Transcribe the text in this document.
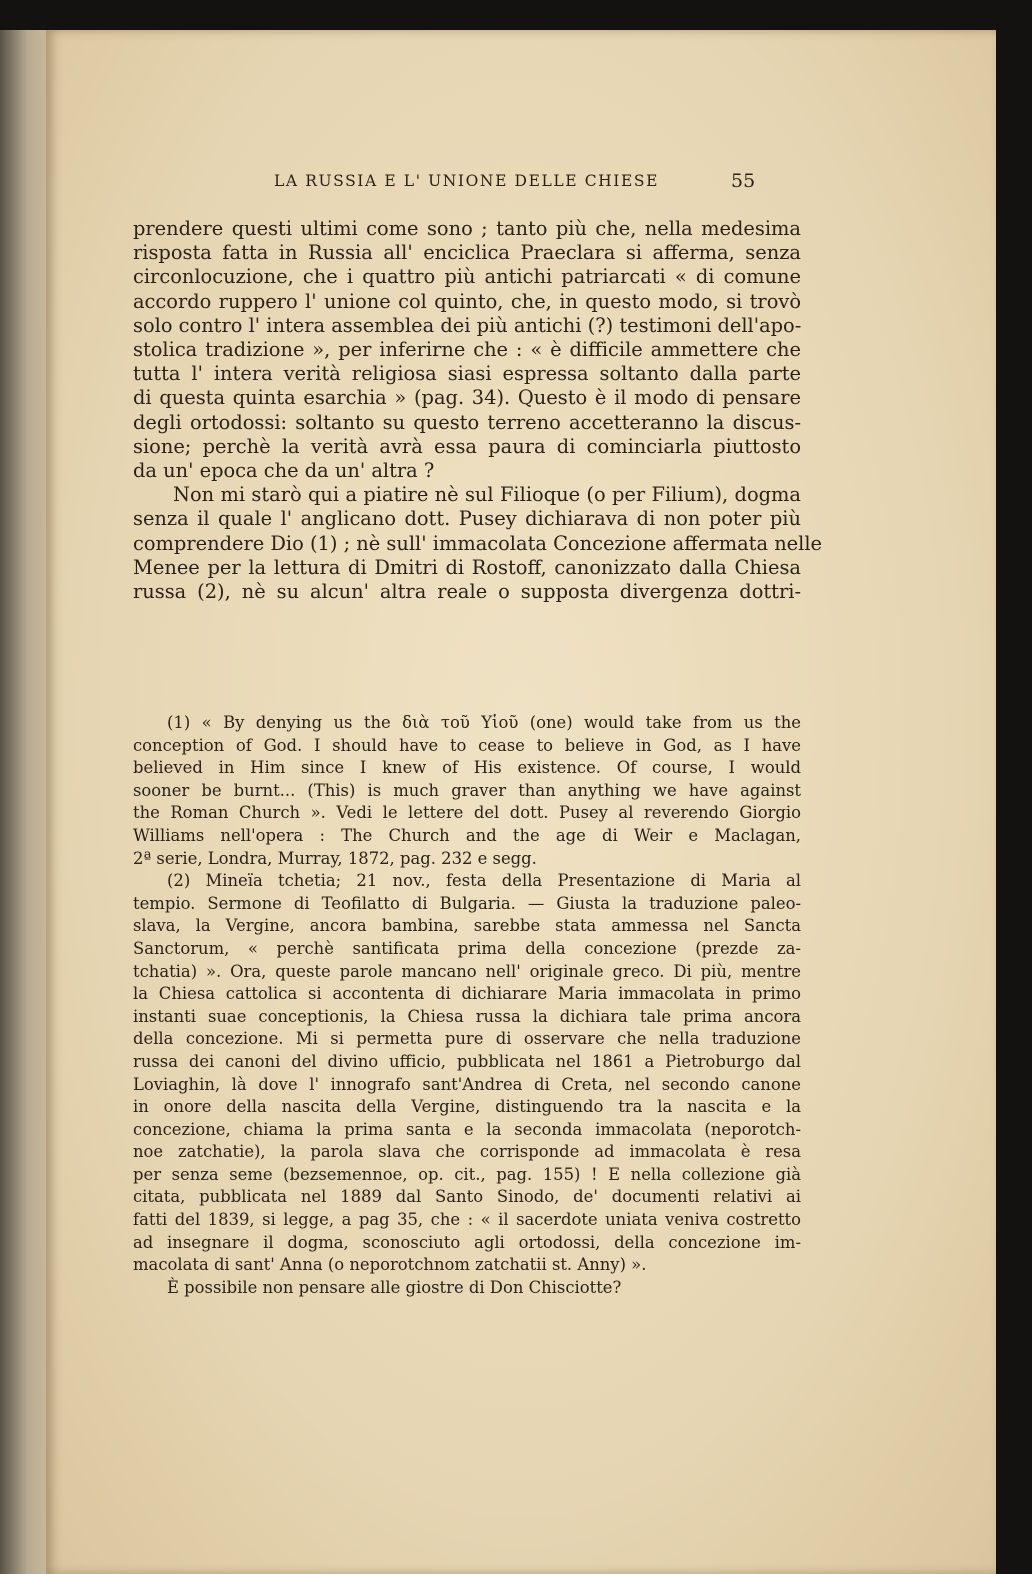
LA RUSSIA E L' UNIONE DELLE CHIESE	55
prendere questi ultimi come sono ; tanto più che, nella medesima
risposta fatta in Russia all' enciclica Praeclara si afferma, senza
circonlocuzione, che i quattro più antichi patriarcati « di comune
accordo ruppero l' unione col quinto, che, in questo modo, si trovò
solo contro l' intera assemblea dei più antichi (?) testimoni dell'apo-
stolica tradizione », per inferirne che : « è difficile ammettere che
tutta l' intera verità religiosa siasi espressa soltanto dalla parte
di questa quinta esarchia » (pag. 34). Questo è il modo di pensare
degli ortodossi: soltanto su questo terreno accetteranno la discus-
sione; perchè la verità avrà essa paura di cominciarla piuttosto
da un' epoca che da un' altra ?
Non mi starò qui a piatire nè sul Filioque (o per Filium), dogma
senza il quale l' anglicano dott. Pusey dichiarava di non poter più
comprendere Dio (1) ; nè sull' immacolata Concezione affermata nelle
Menee per la lettura di Dmitri di Rostoff, canonizzato dalla Chiesa
russa (2), nè su alcun' altra reale o supposta divergenza dottri-
(1) « By denying us the διὰ τοῦ Υἱοῦ (one) would take from us the
conception of God. I should have to cease to believe in God, as I have
believed in Him since I knew of His existence. Of course, I would
sooner be burnt... (This) is much graver than anything we have against
the Roman Church ». Vedi le lettere del dott. Pusey al reverendo Giorgio
Williams nell'opera : The Church and the age di Weir e Maclagan,
2ª serie, Londra, Murray, 1872, pag. 232 e segg.
(2) Mineïa tchetia; 21 nov., festa della Presentazione di Maria al
tempio. Sermone di Teofilatto di Bulgaria. — Giusta la traduzione paleo-
slava, la Vergine, ancora bambina, sarebbe stata ammessa nel Sancta
Sanctorum, « perchè santificata prima della concezione (prezde za-
tchatia) ». Ora, queste parole mancano nell' originale greco. Di più, mentre
la Chiesa cattolica si accontenta di dichiarare Maria immacolata in primo
instanti suae conceptionis, la Chiesa russa la dichiara tale prima ancora
della concezione. Mi si permetta pure di osservare che nella traduzione
russa dei canoni del divino ufficio, pubblicata nel 1861 a Pietroburgo dal
Loviaghin, là dove l' innografo sant'Andrea di Creta, nel secondo canone
in onore della nascita della Vergine, distinguendo tra la nascita e la
concezione, chiama la prima santa e la seconda immacolata (neporotch-
noe zatchatie), la parola slava che corrisponde ad immacolata è resa
per senza seme (bezsemennoe, op. cit., pag. 155) ! E nella collezione già
citata, pubblicata nel 1889 dal Santo Sinodo, de' documenti relativi ai
fatti del 1839, si legge, a pag 35, che : « il sacerdote uniata veniva costretto
ad insegnare il dogma, sconosciuto agli ortodossi, della concezione im-
macolata di sant' Anna (o neporotchnom zatchatii st. Anny) ».
È possibile non pensare alle giostre di Don Chisciotte?
